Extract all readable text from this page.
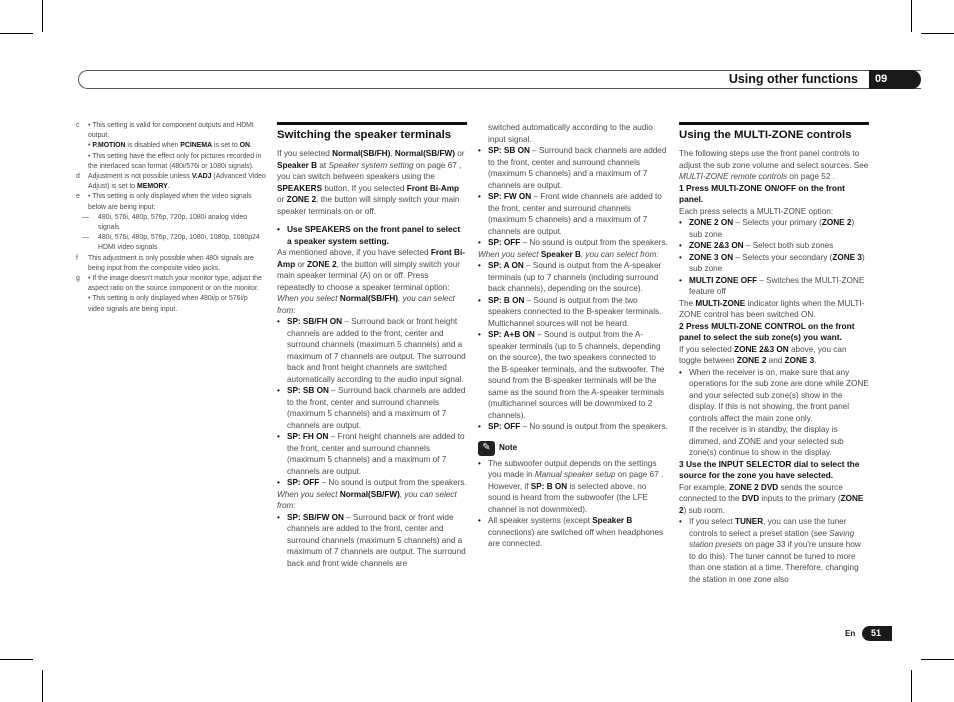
Using other functions	09

c • This setting is valid for component outputs and HDMI output.

• P.MOTION is disabled when PCINEMA is set to ON.

• This setting have the effect only for pictures recorded in the interlaced scan format (480i/576i or 1080i signals).

d Adjustment is not possible unless V.ADJ (Advanced Video Adjust) is set to MEMORY.

e • This setting is only displayed when the video signals below are being input:

— 480i, 576i, 480p, 576p, 720p, 1080i analog video signals

— 480i, 576i, 480p, 576p, 720p, 1080i, 1080p, 1080p24 HDMI video signals

f This adjustment is only possible when 480i signals are being input from the composite video jacks.

g • If the image doesn't match your monitor type, adjust the aspect ratio on the source component or on the monitor.

• This setting is only displayed when 480i/p or 576i/p video signals are being input.

Switching the speaker terminals

If you selected Normal(SB/FH), Normal(SB/FW) or Speaker B at Speaker system setting on page 67 , you can switch between speakers using the SPEAKERS button. If you selected Front Bi-Amp or ZONE 2, the button will simply switch your main speaker terminals on or off.

• Use SPEAKERS on the front panel to select a speaker system setting.

As mentioned above, if you have selected Front Bi-Amp or ZONE 2, the button will simply switch your main speaker terminal (A) on or off. Press repeatedly to choose a speaker terminal option:

When you select Normal(SB/FH), you can select from:

• SP: SB/FH ON – Surround back or front height channels are added to the front, center and surround channels (maximum 5 channels) and a maximum of 7 channels are output. The surround back and front height channels are switched automatically according to the audio input signal.

• SP: SB ON – Surround back channels are added to the front, center and surround channels (maximum 5 channels) and a maximum of 7 channels are output.

• SP: FH ON – Front height channels are added to the front, center and surround channels (maximum 5 channels) and a maximum of 7 channels are output.

• SP: OFF – No sound is output from the speakers.

When you select Normal(SB/FW), you can select from:

• SP: SB/FW ON – Surround back or front wide channels are added to the front, center and surround channels (maximum 5 channels) and a maximum of 7 channels are output. The surround back and front wide channels are

switched automatically according to the audio input signal.

• SP: SB ON – Surround back channels are added to the front, center and surround channels (maximum 5 channels) and a maximum of 7 channels are output.

• SP: FW ON – Front wide channels are added to the front, center and surround channels (maximum 5 channels) and a maximum of 7 channels are output.

• SP: OFF – No sound is output from the speakers.

When you select Speaker B, you can select from:

• SP: A ON – Sound is output from the A-speaker terminals (up to 7 channels (including surround back channels), depending on the source).

• SP: B ON – Sound is output from the two speakers connected to the B-speaker terminals. Multichannel sources will not be heard.

• SP: A+B ON – Sound is output from the A-speaker terminals (up to 5 channels, depending on the source), the two speakers connected to the B-speaker terminals, and the subwoofer. The sound from the B-speaker terminals will be the same as the sound from the A-speaker terminals (multichannel sources will be downmixed to 2 channels).

• SP: OFF – No sound is output from the speakers.

✎	Note

• The subwoofer output depends on the settings you made in Manual speaker setup on page 67 . However, if SP: B ON is selected above, no sound is heard from the subwoofer (the LFE channel is not downmixed).

• All speaker systems (except Speaker B connections) are switched off when headphones are connected.

Using the MULTI-ZONE controls

The following steps use the front panel controls to adjust the sub zone volume and select sources. See MULTI-ZONE remote controls on page 52 .

1 Press MULTI-ZONE ON/OFF on the front panel.

Each press selects a MULTI-ZONE option:

• ZONE 2 ON – Selects your primary (ZONE 2) sub zone

• ZONE 2&3 ON – Select both sub zones

• ZONE 3 ON – Selects your secondary (ZONE 3) sub zone

• MULTI ZONE OFF – Switches the MULTI-ZONE feature off

The MULTI-ZONE indicator lights when the MULTI-ZONE control has been switched ON.

2 Press MULTI-ZONE CONTROL on the front panel to select the sub zone(s) you want.

If you selected ZONE 2&3 ON above, you can toggle between ZONE 2 and ZONE 3.

• When the receiver is on, make sure that any operations for the sub zone are done while ZONE and your selected sub zone(s) show in the display. If this is not showing, the front panel controls affect the main zone only.

If the receiver is in standby, the display is dimmed, and ZONE and your selected sub zone(s) continue to show in the display.

3 Use the INPUT SELECTOR dial to select the source for the zone you have selected.

For example, ZONE 2 DVD sends the source connected to the DVD inputs to the primary (ZONE 2) sub room.

• If you select TUNER, you can use the tuner controls to select a preset station (see Saving station presets on page 33 if you're unsure how to do this). The tuner cannot be tuned to more than one station at a time. Therefore, changing the station in one zone also

En	51
